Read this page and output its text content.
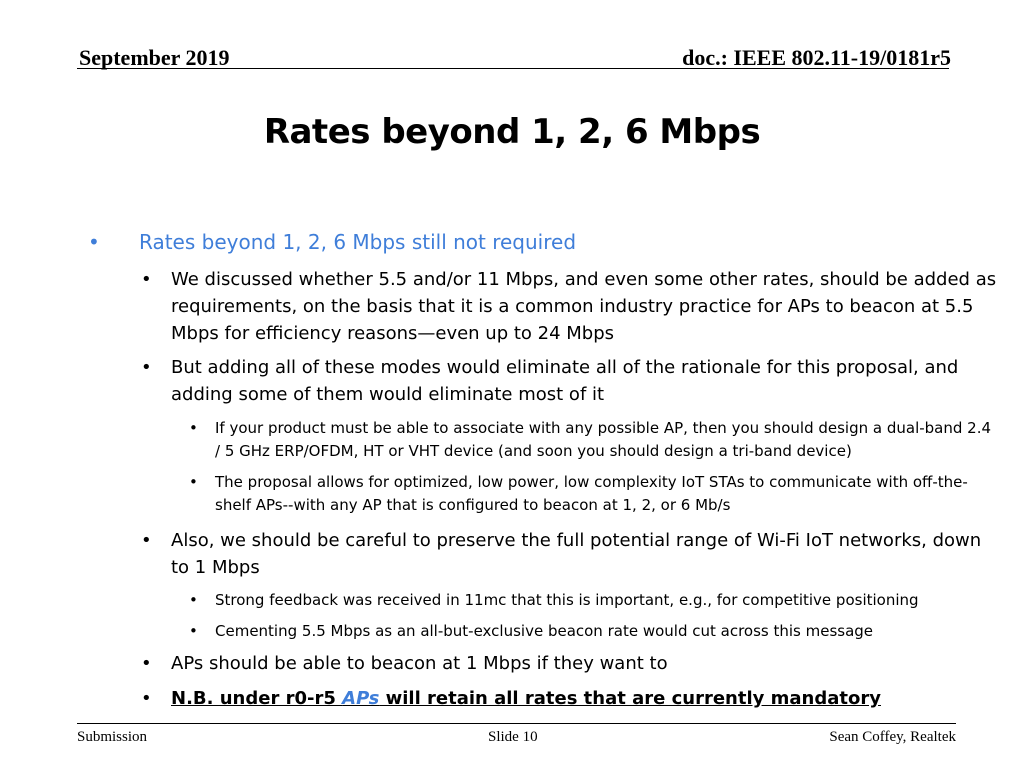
September 2019	doc.: IEEE 802.11-19/0181r5
Rates beyond 1, 2, 6 Mbps
• Rates beyond 1, 2, 6 Mbps still not required
• We discussed whether 5.5 and/or 11 Mbps, and even some other rates, should be added as requirements, on the basis that it is a common industry practice for APs to beacon at 5.5 Mbps for efficiency reasons—even up to 24 Mbps
• But adding all of these modes would eliminate all of the rationale for this proposal, and adding some of them would eliminate most of it
• If your product must be able to associate with any possible AP, then you should design a dual-band 2.4 / 5 GHz ERP/OFDM, HT or VHT device (and soon you should design a tri-band device)
• The proposal allows for optimized, low power, low complexity IoT STAs to communicate with off-the-shelf APs--with any AP that is configured to beacon at 1, 2, or 6 Mb/s
• Also, we should be careful to preserve the full potential range of Wi-Fi IoT networks, down to 1 Mbps
• Strong feedback was received in 11mc that this is important, e.g., for competitive positioning
• Cementing 5.5 Mbps as an all-but-exclusive beacon rate would cut across this message
• APs should be able to beacon at 1 Mbps if they want to
• N.B. under r0-r5 APs will retain all rates that are currently mandatory
Submission	Slide 10	Sean Coffey, Realtek
